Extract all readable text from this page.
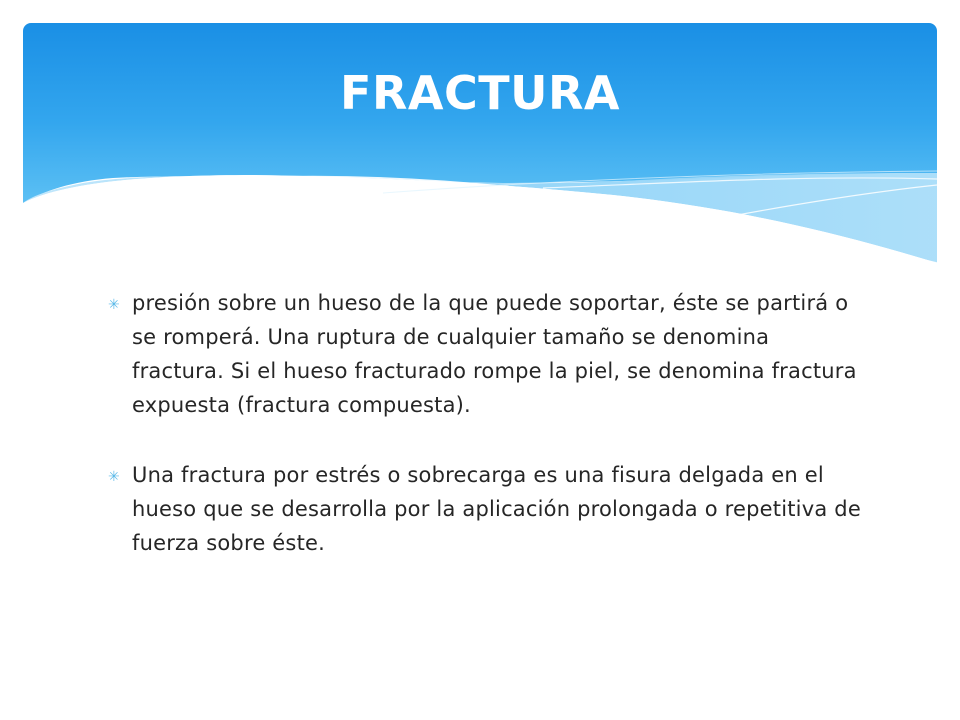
FRACTURA
✳ presión sobre un hueso de la que puede soportar, éste se partirá o se romperá. Una ruptura de cualquier tamaño se denomina fractura. Si el hueso fracturado rompe la piel, se denomina fractura expuesta (fractura compuesta).
✳ Una fractura por estrés o sobrecarga es una fisura delgada en el hueso que se desarrolla por la aplicación prolongada o repetitiva de fuerza sobre éste.
